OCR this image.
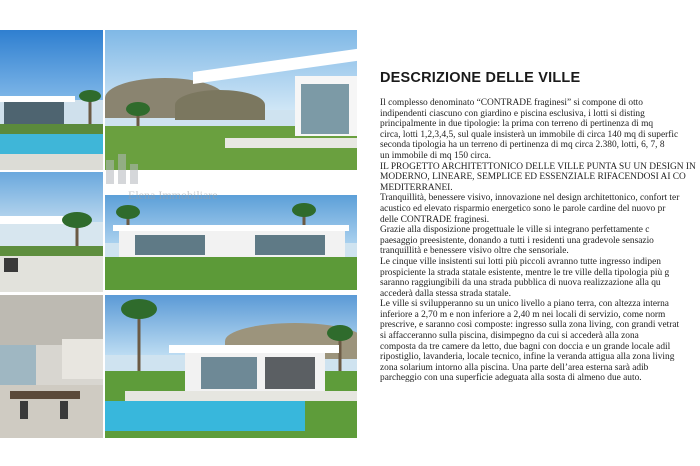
Elena Immobiliare
DESCRIZIONE DELLE VILLE

Il complesso denominato “CONTRADE fraginesi” si compone di otto

indipendenti ciascuno con giardino e piscina esclusiva, i lotti si disting

principalmente in due tipologie: la prima con terreno di pertinenza di mq

circa, lotti 1,2,3,4,5, sul quale insisterà un immobile di circa 140 mq di superfic

seconda tipologia ha un terreno di pertinenza di mq circa 2.380, lotti, 6, 7, 8

un immobile di mq 150 circa.

IL PROGETTO ARCHITETTONICO DELLE VILLE PUNTA SU UN DESIGN IN

MODERNO, LINEARE, SEMPLICE ED ESSENZIALE RIFACENDOSI AI CO

MEDITERRANEI.

Tranquillità, benessere visivo, innovazione nel design architettonico, confort ter

acustico ed elevato risparmio energetico sono le parole cardine del nuovo pr

delle CONTRADE fraginesi.

Grazie alla disposizione progettuale le ville si integrano perfettamente c

paesaggio preesistente, donando a tutti i residenti una gradevole sensazio

tranquillità e benessere visivo oltre che sensoriale.

Le cinque ville insistenti sui lotti più piccoli avranno tutte ingresso indipen

prospiciente la strada statale esistente, mentre le tre ville della tipologia più g

saranno raggiungibili da una strada pubblica di nuova realizzazione alla qu

accederà dalla stessa strada statale.

Le ville si svilupperanno su un unico livello a piano terra, con altezza interna

inferiore a 2,70 m e non inferiore a 2,40 m nei locali di servizio, come norm

prescrive, e saranno così composte: ingresso sulla zona living, con grandi vetrat

si affacceranno sulla piscina, disimpegno da cui si accederà alla zona

composta da tre camere da letto, due bagni con doccia e un grande locale adil

ripostiglio, lavanderia, locale tecnico, infine la veranda attigua alla zona living

zona solarium intorno alla piscina. Una parte dell’area esterna sarà adib

parcheggio con una superficie adeguata alla sosta di almeno due auto.
